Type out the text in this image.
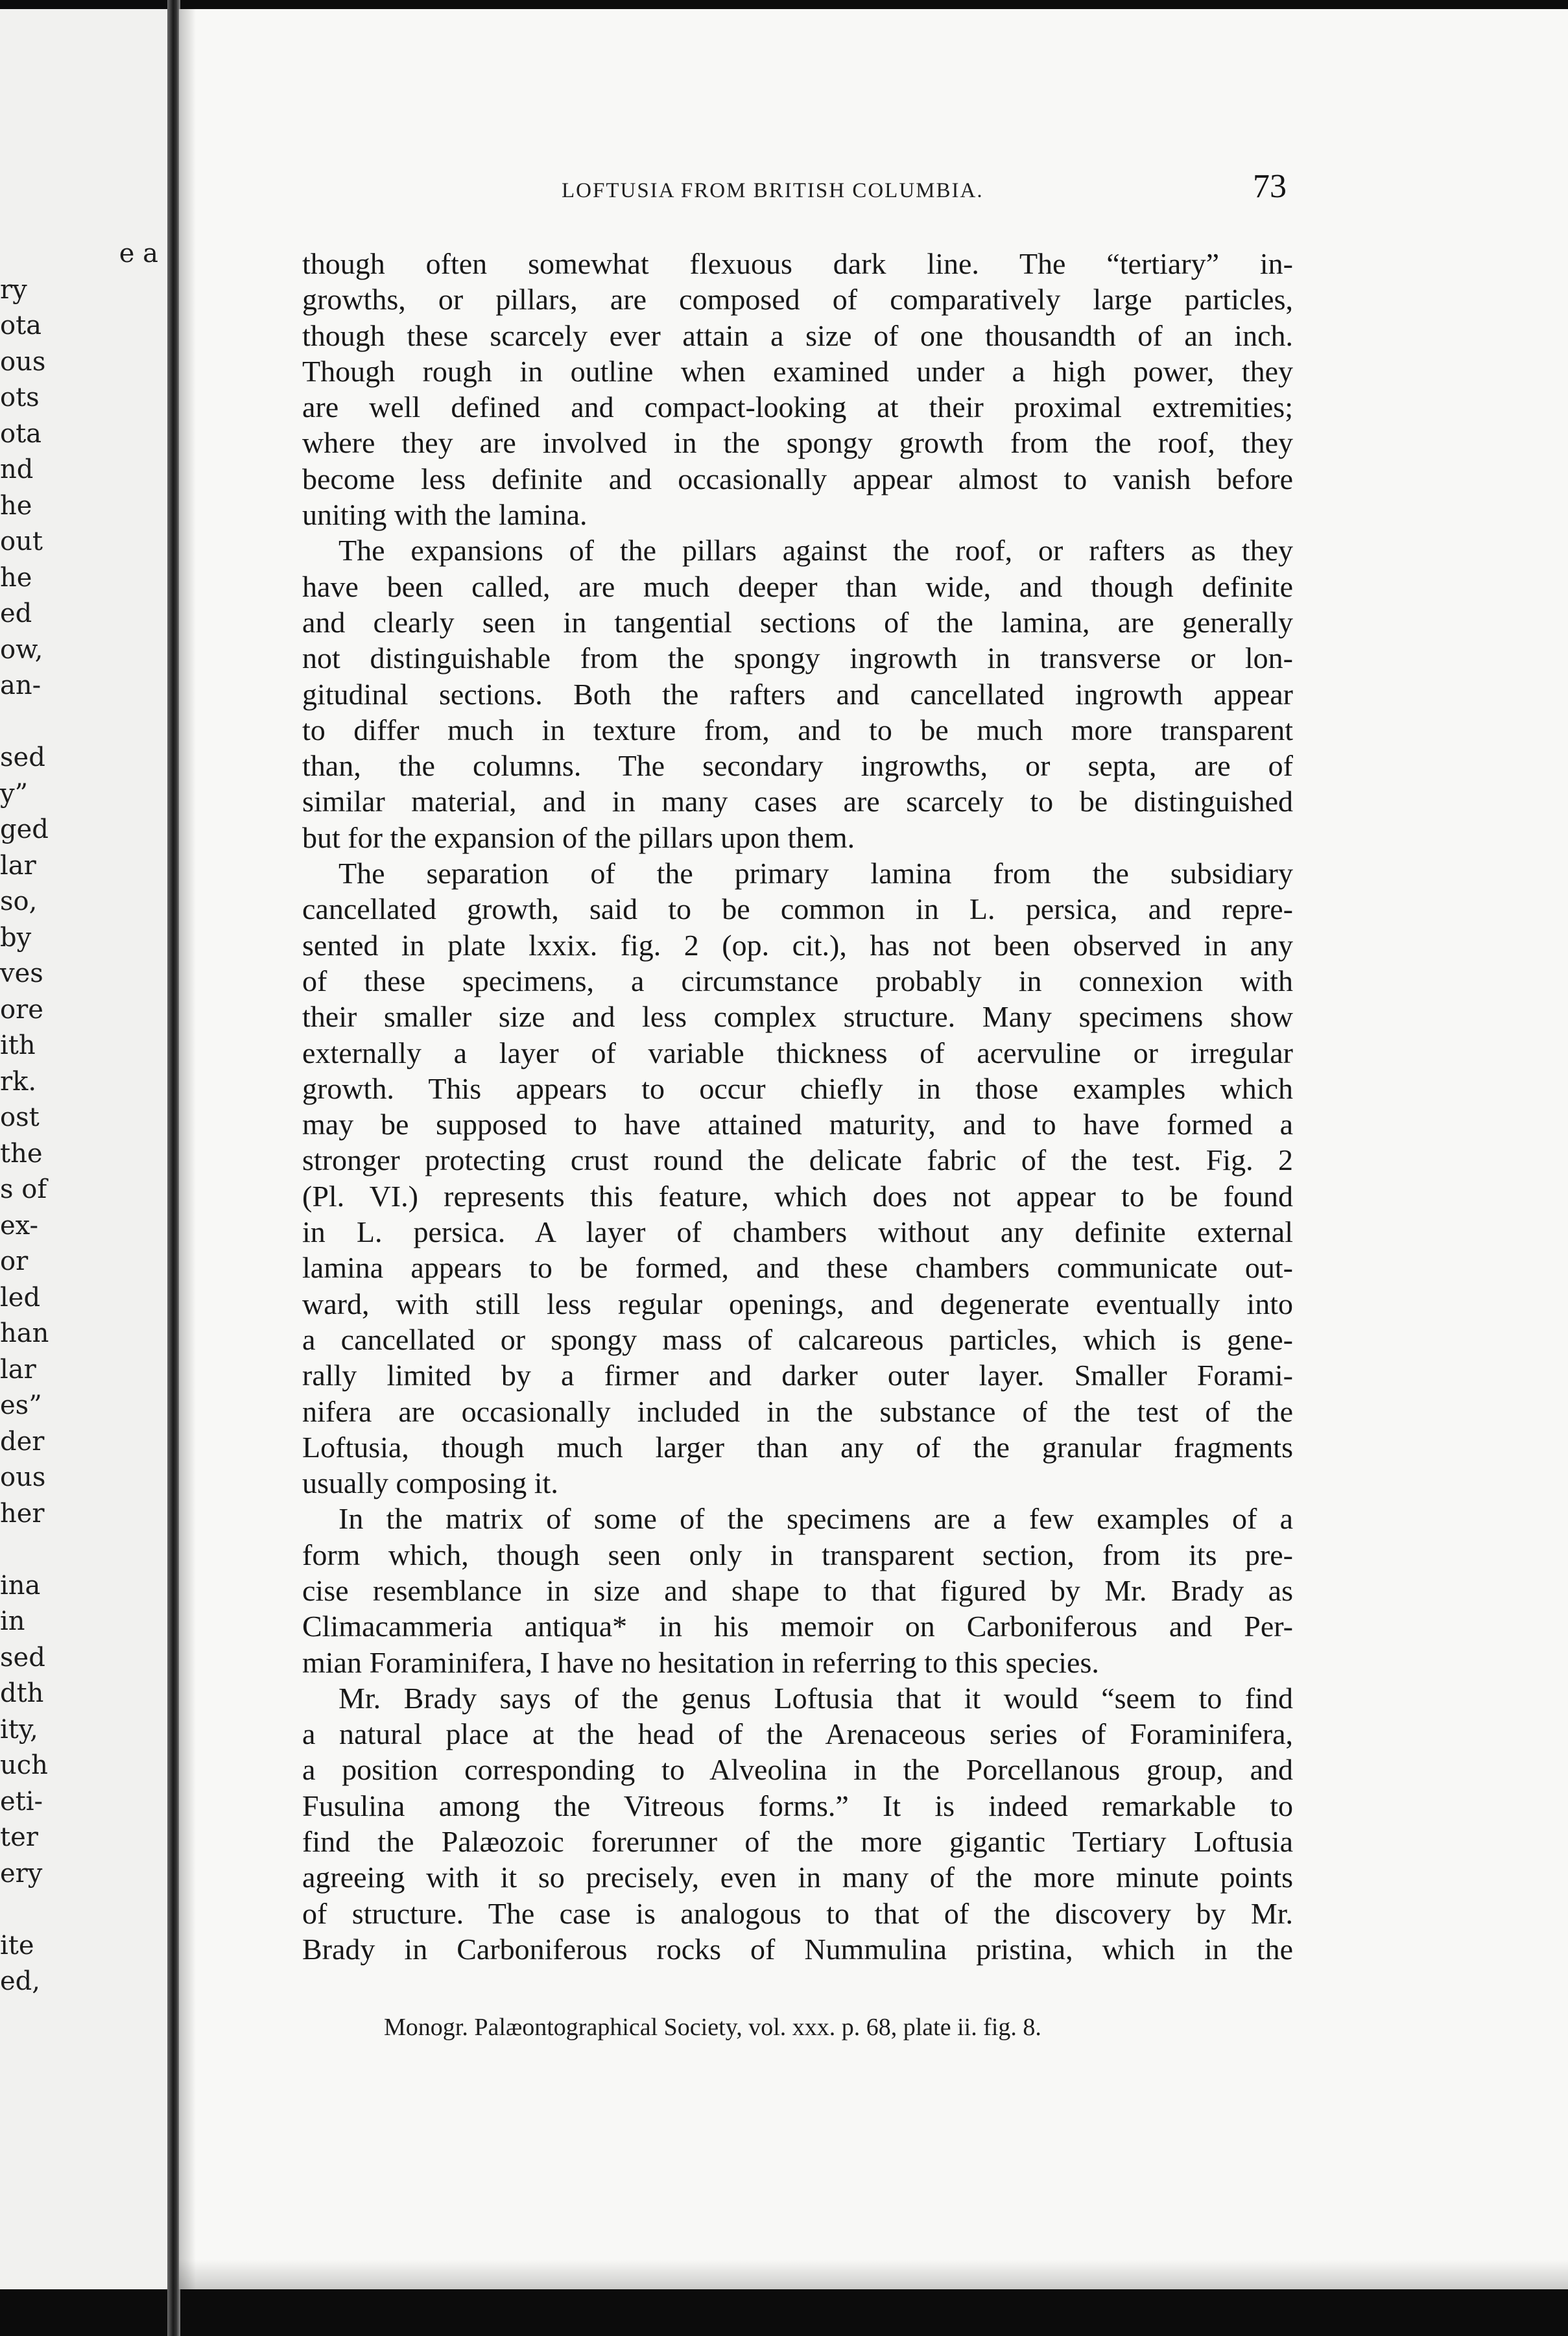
e a
ry
ota
ous
ots
ota
nd
he
out
he
ed
ow,
an-
sed
y”
ged
lar
so,
by
ves
ore
ith
rk.
ost
the
s of
ex-
or
led
han
lar
es”
der
ous
her
ina
in
sed
dth
ity,
uch
eti-
ter
ery
ite
ed,
LOFTUSIA FROM BRITISH COLUMBIA.	73
though often somewhat flexuous dark line. The “tertiary” in-
growths, or pillars, are composed of comparatively large particles,
though these scarcely ever attain a size of one thousandth of an inch.
Though rough in outline when examined under a high power, they
are well defined and compact-looking at their proximal extremities;
where they are involved in the spongy growth from the roof, they
become less definite and occasionally appear almost to vanish before
uniting with the lamina.
The expansions of the pillars against the roof, or rafters as they
have been called, are much deeper than wide, and though definite
and clearly seen in tangential sections of the lamina, are generally
not distinguishable from the spongy ingrowth in transverse or lon-
gitudinal sections. Both the rafters and cancellated ingrowth appear
to differ much in texture from, and to be much more transparent
than, the columns. The secondary ingrowths, or septa, are of
similar material, and in many cases are scarcely to be distinguished
but for the expansion of the pillars upon them.
The separation of the primary lamina from the subsidiary
cancellated growth, said to be common in L. persica, and repre-
sented in plate lxxix. fig. 2 (op. cit.), has not been observed in any
of these specimens, a circumstance probably in connexion with
their smaller size and less complex structure. Many specimens show
externally a layer of variable thickness of acervuline or irregular
growth. This appears to occur chiefly in those examples which
may be supposed to have attained maturity, and to have formed a
stronger protecting crust round the delicate fabric of the test. Fig. 2
(Pl. VI.) represents this feature, which does not appear to be found
in L. persica. A layer of chambers without any definite external
lamina appears to be formed, and these chambers communicate out-
ward, with still less regular openings, and degenerate eventually into
a cancellated or spongy mass of calcareous particles, which is gene-
rally limited by a firmer and darker outer layer. Smaller Forami-
nifera are occasionally included in the substance of the test of the
Loftusia, though much larger than any of the granular fragments
usually composing it.
In the matrix of some of the specimens are a few examples of a
form which, though seen only in transparent section, from its pre-
cise resemblance in size and shape to that figured by Mr. Brady as
Climacammeria antiqua* in his memoir on Carboniferous and Per-
mian Foraminifera, I have no hesitation in referring to this species.
Mr. Brady says of the genus Loftusia that it would “seem to find
a natural place at the head of the Arenaceous series of Foraminifera,
a position corresponding to Alveolina in the Porcellanous group, and
Fusulina among the Vitreous forms.” It is indeed remarkable to
find the Palæozoic forerunner of the more gigantic Tertiary Loftusia
agreeing with it so precisely, even in many of the more minute points
of structure. The case is analogous to that of the discovery by Mr.
Brady in Carboniferous rocks of Nummulina pristina, which in the
Monogr. Palæontographical Society, vol. xxx. p. 68, plate ii. fig. 8.
